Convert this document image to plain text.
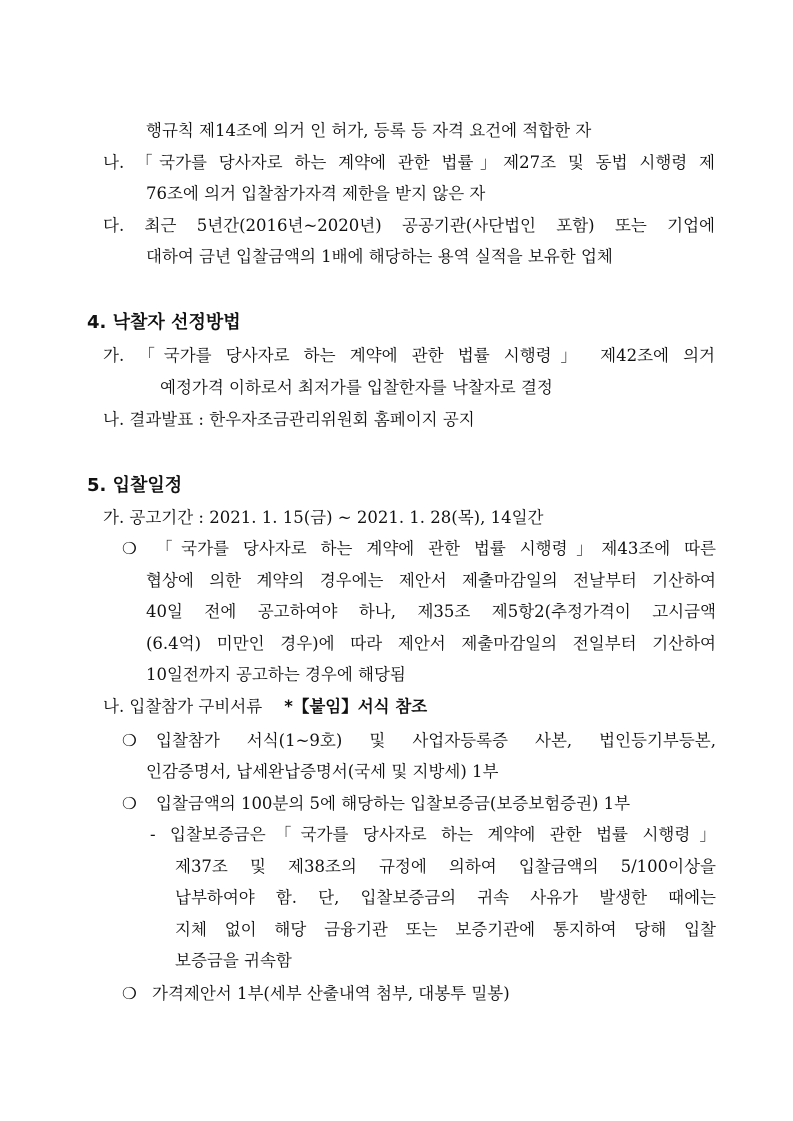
행규칙 제14조에 의거 인 허가, 등록 등 자격 요건에 적합한 자
나. 「국가를 당사자로 하는 계약에 관한 법률」제27조 및 동법 시행령 제
76조에 의거 입찰참가자격 제한을 받지 않은 자
다. 최근 5년간(2016년~2020년) 공공기관(사단법인 포함) 또는 기업에
대하여 금년 입찰금액의 1배에 해당하는 용역 실적을 보유한 업체
4. 낙찰자 선정방법
가. 「국가를 당사자로 하는 계약에 관한 법률 시행령」 제42조에 의거
예정가격 이하로서 최저가를 입찰한자를 낙찰자로 결정
나. 결과발표 : 한우자조금관리위원회 홈페이지 공지
5. 입찰일정
가. 공고기간 : 2021. 1. 15(금) ~ 2021. 1. 28(목), 14일간
❍ 「국가를 당사자로 하는 계약에 관한 법률 시행령」제43조에 따른
협상에 의한 계약의 경우에는 제안서 제출마감일의 전날부터 기산하여
40일 전에 공고하여야 하나, 제35조 제5항2(추정가격이 고시금액
(6.4억) 미만인 경우)에 따라 제안서 제출마감일의 전일부터 기산하여
10일전까지 공고하는 경우에 해당됨
나. 입찰참가 구비서류 *【붙임】서식 참조
❍ 입찰참가 서식(1~9호) 및 사업자등록증 사본, 법인등기부등본,
인감증명서, 납세완납증명서(국세 및 지방세) 1부
❍ 입찰금액의 100분의 5에 해당하는 입찰보증금(보증보험증권) 1부
- 입찰보증금은「국가를 당사자로 하는 계약에 관한 법률 시행령」
제37조 및 제38조의 규정에 의하여 입찰금액의 5/100이상을
납부하여야 함. 단, 입찰보증금의 귀속 사유가 발생한 때에는
지체 없이 해당 금융기관 또는 보증기관에 통지하여 당해 입찰
보증금을 귀속함
❍ 가격제안서 1부(세부 산출내역 첨부, 대봉투 밀봉)
